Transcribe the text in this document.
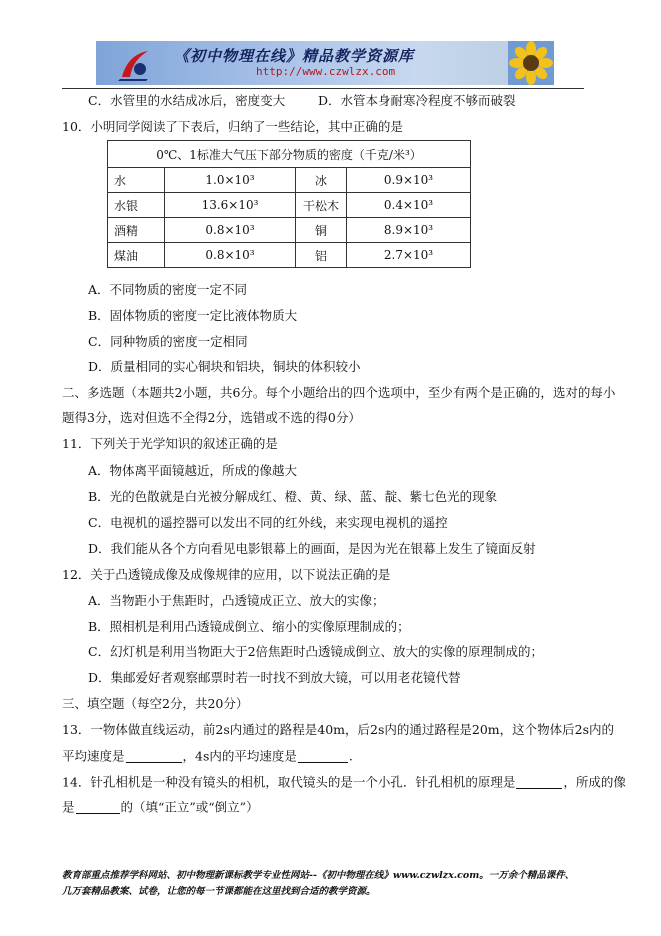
《初中物理在线》精品教学资源库
http://www.czwlzx.com
C．水管里的水结成冰后，密度变大	D．水管本身耐寒冷程度不够而破裂
10．小明同学阅读了下表后，归纳了一些结论，其中正确的是
0℃、1标准大气压下部分物质的密度（千克/米³）			
水	1.0×10³	冰	0.9×10³
水银	13.6×10³	干松木	0.4×10³
酒精	0.8×10³	铜	8.9×10³
煤油	0.8×10³	铝	2.7×10³
A．不同物质的密度一定不同
B．固体物质的密度一定比液体物质大
C．同种物质的密度一定相同
D．质量相同的实心铜块和铝块，铜块的体积较小
二、多选题（本题共2小题，共6分。每个小题给出的四个选项中，至少有两个是正确的，选对的每小
题得3分，选对但选不全得2分，选错或不选的得0分）
11．下列关于光学知识的叙述正确的是
A．物体离平面镜越近，所成的像越大
B．光的色散就是白光被分解成红、橙、黄、绿、蓝、靛、紫七色光的现象
C．电视机的遥控器可以发出不同的红外线，来实现电视机的遥控
D．我们能从各个方向看见电影银幕上的画面，是因为光在银幕上发生了镜面反射
12．关于凸透镜成像及成像规律的应用，以下说法正确的是
A．当物距小于焦距时，凸透镜成正立、放大的实像；
B．照相机是利用凸透镜成倒立、缩小的实像原理制成的；
C．幻灯机是利用当物距大于2倍焦距时凸透镜成倒立、放大的实像的原理制成的；
D．集邮爱好者观察邮票时若一时找不到放大镜，可以用老花镜代替
三、填空题（每空2分，共20分）
13．一物体做直线运动，前2s内通过的路程是40m，后2s内的通过路程是20m，这个物体后2s内的
平均速度是	，4s内的平均速度是	.
14．针孔相机是一种没有镜头的相机，取代镜头的是一个小孔．针孔相机的原理是	，所成的像
是	的（填“正立”或“倒立”）
教育部重点推荐学科网站、初中物理新课标教学专业性网站--《初中物理在线》www.czwlzx.com。一万余个精品课件、
几万套精品教案、试卷，让您的每一节课都能在这里找到合适的教学资源。
